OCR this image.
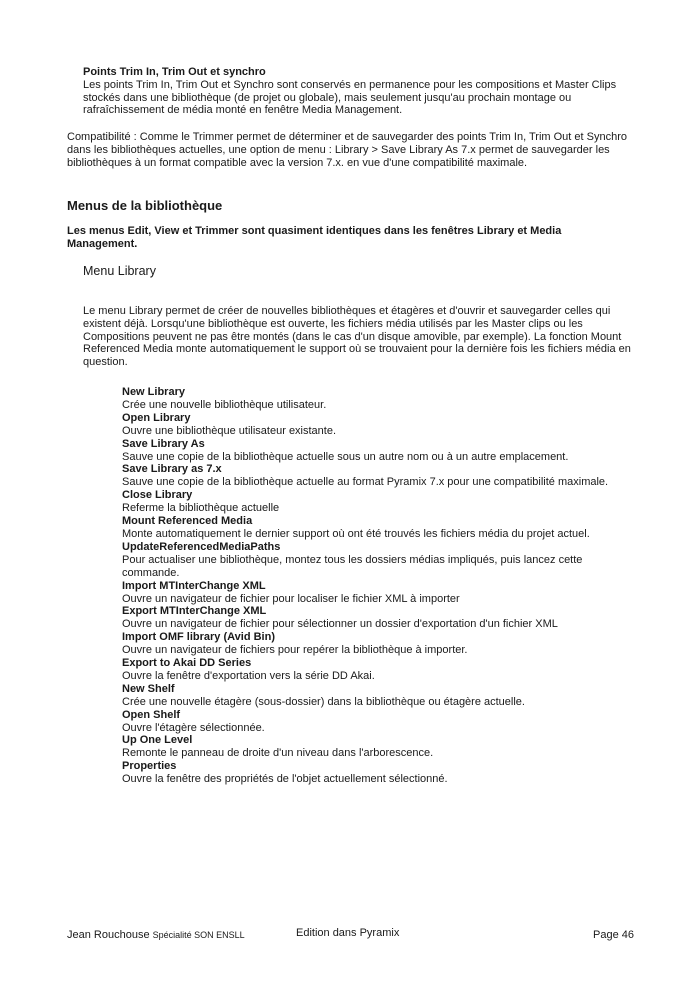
Points Trim In, Trim Out et synchro
Les points Trim In, Trim Out et Synchro sont conservés en permanence pour les compositions et Master Clips stockés dans une bibliothèque (de projet ou globale), mais seulement jusqu'au prochain montage ou rafraîchissement de média monté en fenêtre Media Management.
Compatibilité : Comme le Trimmer permet de déterminer et de sauvegarder des points Trim In, Trim Out et Synchro dans les bibliothèques actuelles, une option de menu : Library > Save Library As 7.x permet de sauvegarder les bibliothèques à un format compatible avec la version 7.x. en vue d'une compatibilité maximale.
Menus de la bibliothèque
Les menus Edit, View et Trimmer sont quasiment identiques dans les fenêtres Library et Media Management.
Menu Library
Le menu Library permet de créer de nouvelles bibliothèques et étagères et d'ouvrir et sauvegarder celles qui existent déjà. Lorsqu'une bibliothèque est ouverte, les fichiers média utilisés par les Master clips ou les Compositions peuvent ne pas être montés (dans le cas d'un disque amovible, par exemple). La fonction Mount Referenced Media monte automatiquement le support où se trouvaient pour la dernière fois les fichiers média en question.
New Library
Crée une nouvelle bibliothèque utilisateur.
Open Library
Ouvre une bibliothèque utilisateur existante.
Save Library As
Sauve une copie de la bibliothèque actuelle sous un autre nom ou à un autre emplacement.
Save Library as 7.x
Sauve une copie de la bibliothèque actuelle au format Pyramix 7.x pour une compatibilité maximale.
Close Library
Referme la bibliothèque actuelle
Mount Referenced Media
Monte automatiquement le dernier support où ont été trouvés les fichiers média du projet actuel.
UpdateReferencedMediaPaths
Pour actualiser une bibliothèque, montez tous les dossiers médias impliqués, puis lancez cette commande.
Import MTInterChange XML
Ouvre un navigateur de fichier pour localiser le fichier XML à importer
Export MTInterChange XML
Ouvre un navigateur de fichier pour sélectionner un dossier d'exportation d'un fichier XML
Import OMF library (Avid Bin)
Ouvre un navigateur de fichiers pour repérer la bibliothèque à importer.
Export to Akai DD Series
Ouvre la fenêtre d'exportation vers la série DD Akai.
New Shelf
Crée une nouvelle étagère (sous-dossier) dans la bibliothèque ou étagère actuelle.
Open Shelf
Ouvre l'étagère sélectionnée.
Up One Level
Remonte le panneau de droite d'un niveau dans l'arborescence.
Properties
Ouvre la fenêtre des propriétés de l'objet actuellement sélectionné.
Jean Rouchouse Spécialité SON ENSLL	Edition dans Pyramix	Page 46
